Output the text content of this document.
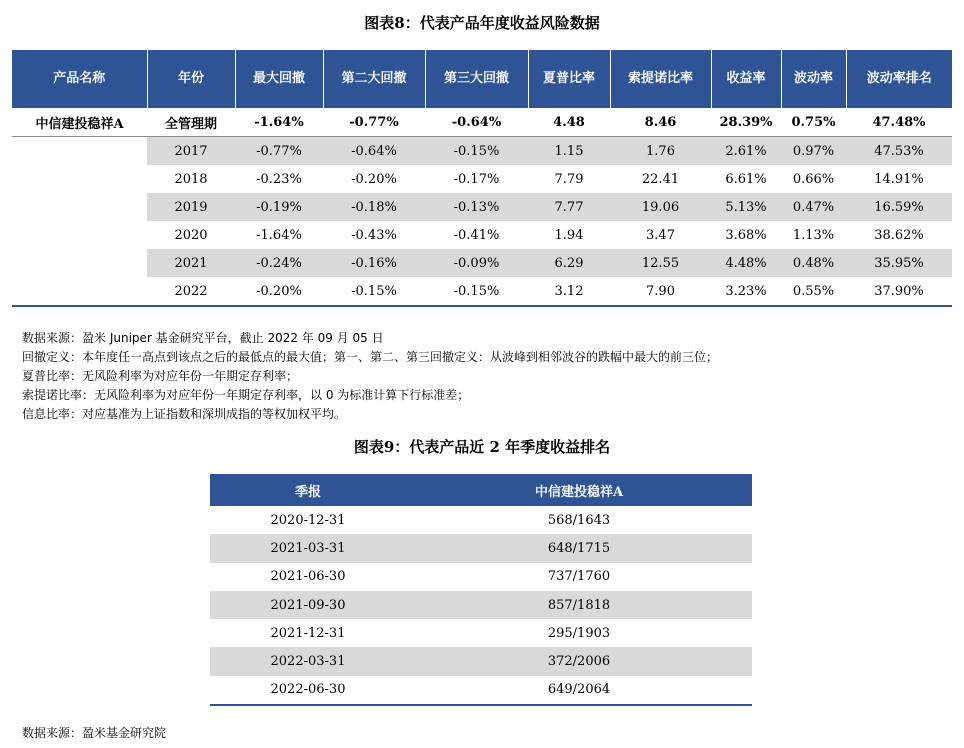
图表8：代表产品年度收益风险数据
产品名称	年份	最大回撤	第二大回撤	第三大回撤	夏普比率	索提诺比率	收益率	波动率	波动率排名
中信建投稳祥A	全管理期	-1.64%	-0.77%	-0.64%	4.48	8.46	28.39%	0.75%	47.48%
	2017	-0.77%	-0.64%	-0.15%	1.15	1.76	2.61%	0.97%	47.53%
	2018	-0.23%	-0.20%	-0.17%	7.79	22.41	6.61%	0.66%	14.91%
	2019	-0.19%	-0.18%	-0.13%	7.77	19.06	5.13%	0.47%	16.59%
	2020	-1.64%	-0.43%	-0.41%	1.94	3.47	3.68%	1.13%	38.62%
	2021	-0.24%	-0.16%	-0.09%	6.29	12.55	4.48%	0.48%	35.95%
	2022	-0.20%	-0.15%	-0.15%	3.12	7.90	3.23%	0.55%	37.90%
数据来源：盈米 Juniper 基金研究平台，截止 2022 年 09 月 05 日
回撤定义：本年度任一高点到该点之后的最低点的最大值；第一、第二、第三回撤定义：从波峰到相邻波谷的跌幅中最大的前三位；
夏普比率：无风险利率为对应年份一年期定存利率；
索提诺比率：无风险利率为对应年份一年期定存利率，以 0 为标准计算下行标准差；
信息比率：对应基准为上证指数和深圳成指的等权加权平均。
图表9：代表产品近 2 年季度收益排名
季报	中信建投稳祥A
2020-12-31	568/1643
2021-03-31	648/1715
2021-06-30	737/1760
2021-09-30	857/1818
2021-12-31	295/1903
2022-03-31	372/2006
2022-06-30	649/2064
数据来源：盈米基金研究院
